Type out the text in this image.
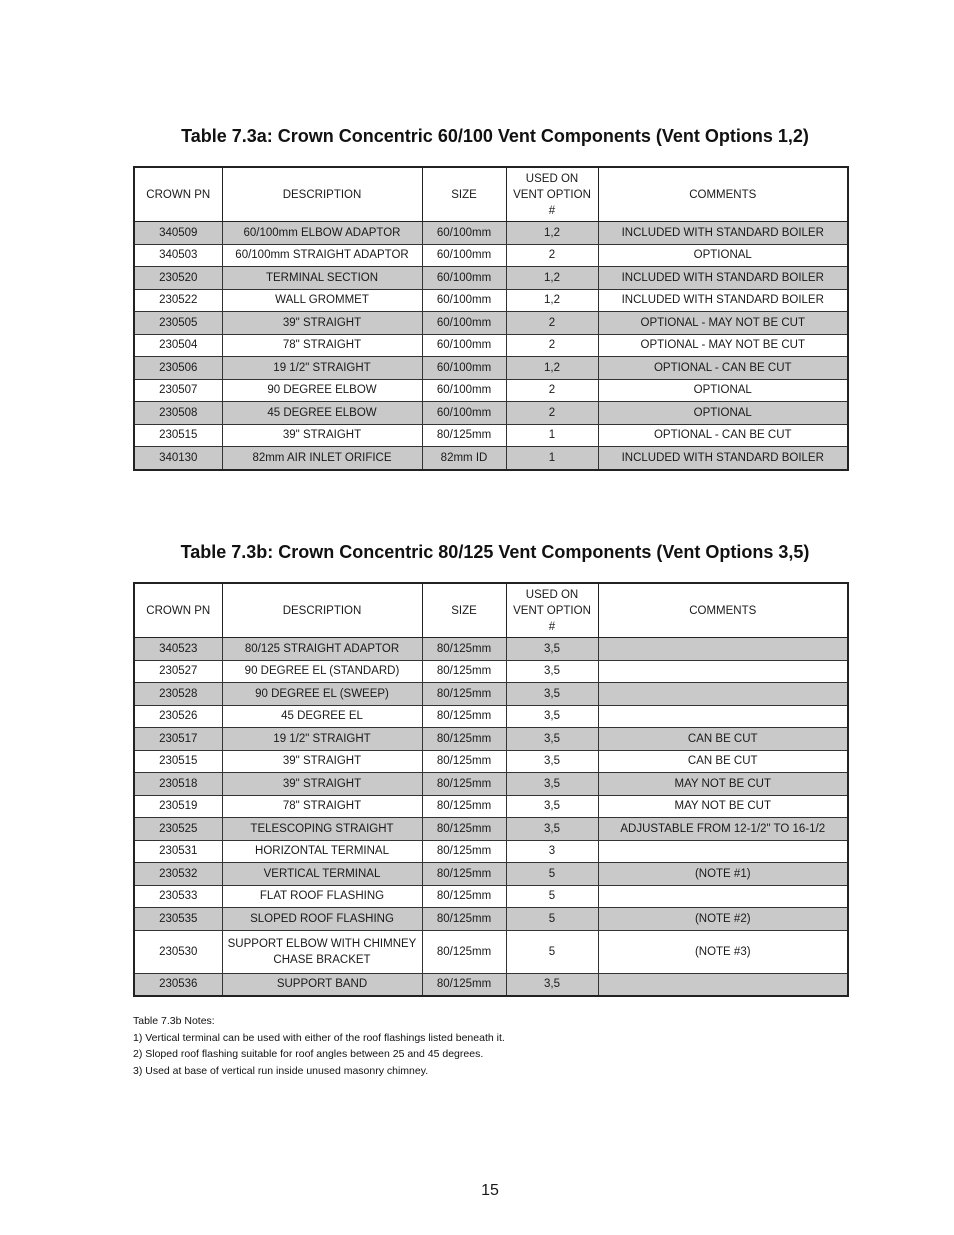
Table 7.3a: Crown Concentric 60/100 Vent Components (Vent Options 1,2)
CROWN PN	DESCRIPTION	SIZE	USED ON VENT OPTION #	COMMENTS
340509	60/100mm ELBOW ADAPTOR	60/100mm	1,2	INCLUDED WITH STANDARD BOILER
340503	60/100mm STRAIGHT ADAPTOR	60/100mm	2	OPTIONAL
230520	TERMINAL SECTION	60/100mm	1,2	INCLUDED WITH STANDARD BOILER
230522	WALL GROMMET	60/100mm	1,2	INCLUDED WITH STANDARD BOILER
230505	39" STRAIGHT	60/100mm	2	OPTIONAL - MAY NOT BE CUT
230504	78" STRAIGHT	60/100mm	2	OPTIONAL - MAY NOT BE CUT
230506	19 1/2" STRAIGHT	60/100mm	1,2	OPTIONAL - CAN BE CUT
230507	90 DEGREE ELBOW	60/100mm	2	OPTIONAL
230508	45 DEGREE ELBOW	60/100mm	2	OPTIONAL
230515	39" STRAIGHT	80/125mm	1	OPTIONAL - CAN BE CUT
340130	82mm AIR INLET ORIFICE	82mm ID	1	INCLUDED WITH STANDARD BOILER
Table 7.3b: Crown Concentric 80/125 Vent Components (Vent Options 3,5)
CROWN PN	DESCRIPTION	SIZE	USED ON VENT OPTION #	COMMENTS
340523	80/125 STRAIGHT ADAPTOR	80/125mm	3,5	
230527	90 DEGREE EL (STANDARD)	80/125mm	3,5	
230528	90 DEGREE EL (SWEEP)	80/125mm	3,5	
230526	45 DEGREE EL	80/125mm	3,5	
230517	19 1/2" STRAIGHT	80/125mm	3,5	CAN BE CUT
230515	39" STRAIGHT	80/125mm	3,5	CAN BE CUT
230518	39" STRAIGHT	80/125mm	3,5	MAY NOT BE CUT
230519	78" STRAIGHT	80/125mm	3,5	MAY NOT BE CUT
230525	TELESCOPING STRAIGHT	80/125mm	3,5	ADJUSTABLE FROM 12-1/2" TO 16-1/2
230531	HORIZONTAL TERMINAL	80/125mm	3	
230532	VERTICAL TERMINAL	80/125mm	5	(NOTE #1)
230533	FLAT ROOF FLASHING	80/125mm	5	
230535	SLOPED ROOF FLASHING	80/125mm	5	(NOTE #2)
230530	SUPPORT ELBOW WITH CHIMNEY CHASE BRACKET	80/125mm	5	(NOTE #3)
230536	SUPPORT BAND	80/125mm	3,5	
Table 7.3b Notes:
1) Vertical terminal can be used with either of the roof flashings listed beneath it.
2) Sloped roof flashing suitable for roof angles between 25 and 45 degrees.
3) Used at base of vertical run inside unused masonry chimney.
15
